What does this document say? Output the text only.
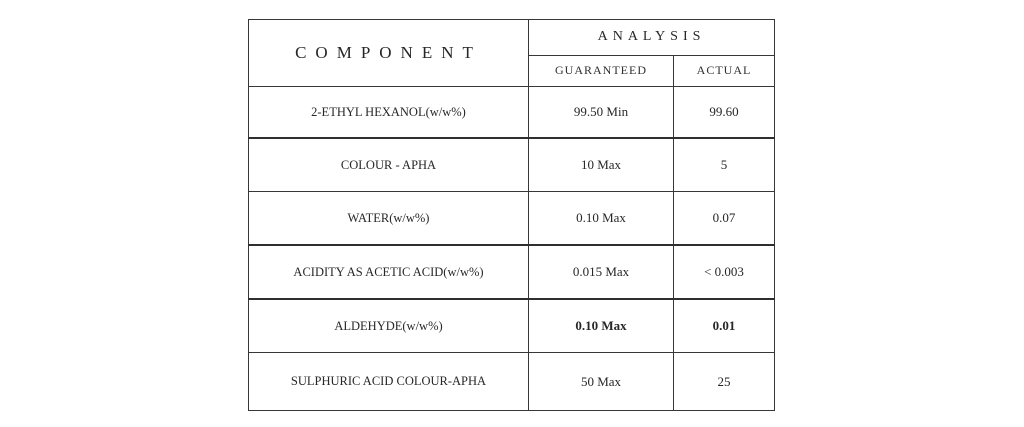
COMPONENT	ANALYSIS	
	GUARANTEED	ACTUAL
2-ETHYL HEXANOL(w/w%)	99.50 Min	99.60
COLOUR - APHA	10 Max	5
WATER(w/w%)	0.10 Max	0.07
ACIDITY AS ACETIC ACID(w/w%)	0.015 Max	< 0.003
ALDEHYDE(w/w%)	0.10 Max	0.01
SULPHURIC ACID COLOUR-APHA	50 Max	25
